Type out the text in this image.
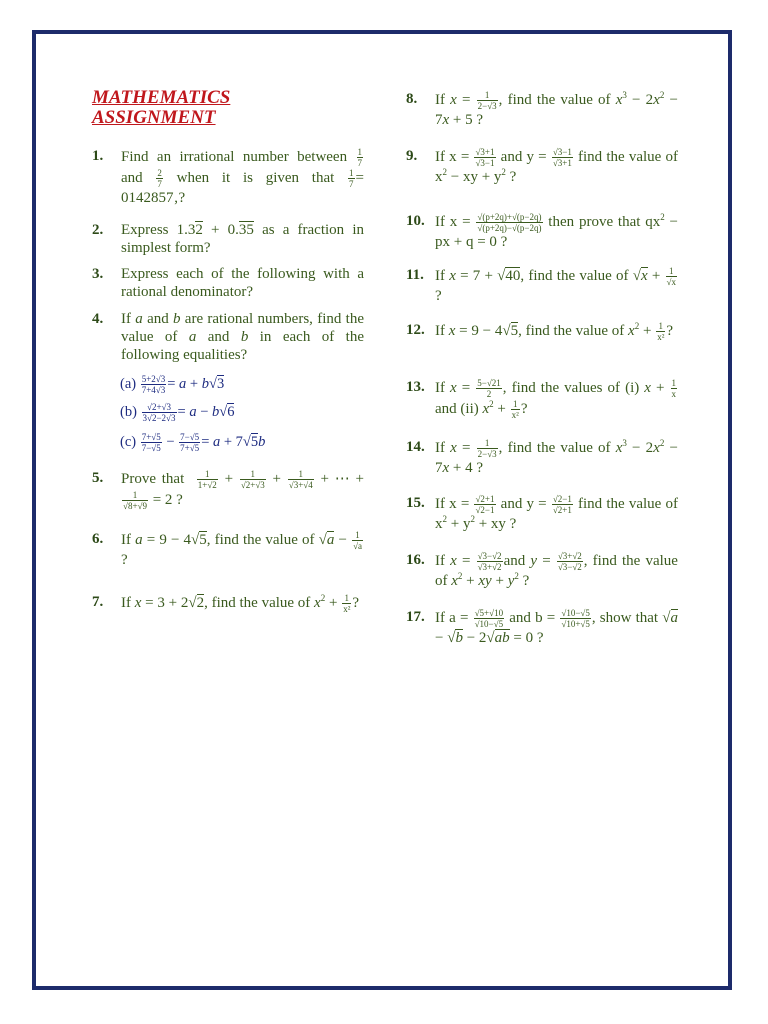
MATHEMATICS ASSIGNMENT
1. Find an irrational number between $\frac{1}{7}$
and $\frac{2}{7}$ when it is given that $\frac{1}{7}$ = 0142857‚?
2. Express 1.32 + 0.35 as a fraction in simplest form?
3. Express each of the following with a rational denominator?
4. If a and b are rational numbers, find the value of a and b in each of the following equalities?
$(a) \frac{5+2√3}{7+4√3} = a + b√3$
$(b) \frac{√2+√3}{3√2-2√3} = a - b√6$
$(c) \frac{7+√5}{7-√5} - \frac{7-√5}{7+√5} = a + 7√5b$
5. Prove that $\frac{1}{1+√2} + \frac{1}{√2+√3} + \frac{1}{√3+√4}$ + ⋯ +
$\frac{1}{√8+√9} = 2$ ?
6. If a = 9 − 4√5, find the value of $√a - \frac{1}{√a}$
?
7. If x = 3 + 2√2, find the value of $x^2 + \frac{1}{\text{x²}}$ ?
8. If $x = \frac{1}{2-√3}$ , find the value of $x^3 - 2x^2 - 7x + 5$ ?
9. If $x = \frac{√3+1}{√3-1}$ and $y = \frac{√3-1}{√3+1}$ find the value of $x^2$ − xy + $y^2$ ?
10. If $x = \frac{√(p+2q)+√(p-2q)}{√(p+2q)-√(p-2q)}$ then prove that $qx^2$ − px + q = 0 ?
11. If x = 7 + √40, find the value of $√x + \frac{1}{√x}$
?
12. If x = 9 − 4√5, find the value of $x^2 + \frac{1}{\text{x²}}$ ?
13. If $x = \frac{5-√21}{2}$ , find the values of (i) $x + \frac{1}{x}$
and (ii) $x^2 + \frac{1}{\text{x²}}$ ?
14. If $x = \frac{1}{2-√3}$ , find the value of $x^3 - 2x^2 - 7x + 4$ ?
15. If $x = \frac{√2+1}{√2-1}$ and $y = \frac{√2-1}{√2+1}$ find the value of $x^2 + y^2$ + xy ?
16. If $x = \frac{√3-√2}{√3+√2}$ and $y = \frac{√3+√2}{√3-√2}$ , find the value of $x^2$ + xy + $y^2$ ?
17. If $a = \frac{√5+√10}{√10-√5}$ and $b = \frac{√10-√5}{√10+√5}$ , show that √a − √b − 2√ab = 0 ?
